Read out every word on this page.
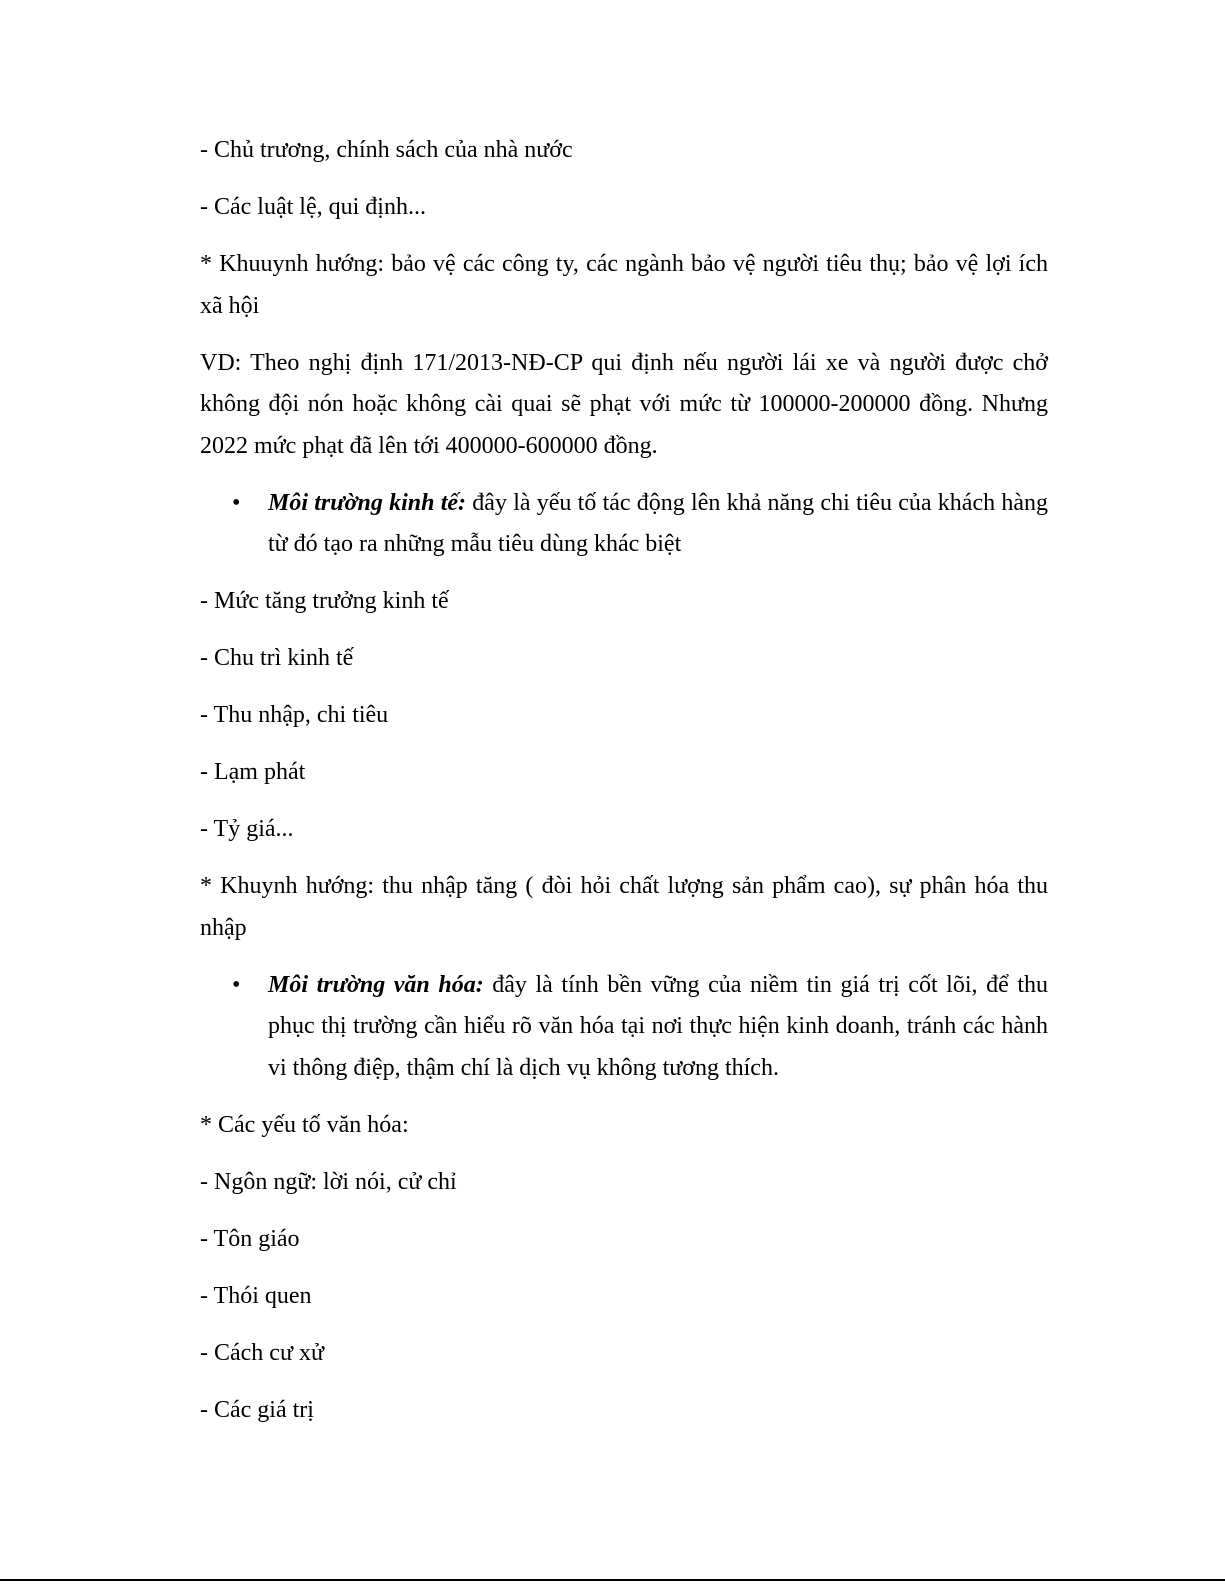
- Chủ trương, chính sách của nhà nước

- Các luật lệ, qui định...

* Khuuynh hướng: bảo vệ các công ty, các ngành bảo vệ người tiêu thụ; bảo vệ lợi ích xã hội

VD: Theo nghị định 171/2013-NĐ-CP qui định nếu người lái xe và người được chở không đội nón hoặc không cài quai sẽ phạt với mức từ 100000-200000 đồng. Nhưng 2022 mức phạt đã lên tới 400000-600000 đồng.

•	Môi trường kinh tế: đây là yếu tố tác động lên khả năng chi tiêu của khách hàng từ đó tạo ra những mẫu tiêu dùng khác biệt

- Mức tăng trưởng kinh tế

- Chu trì kinh tế

- Thu nhập, chi tiêu

- Lạm phát

- Tỷ giá...

* Khuynh hướng: thu nhập tăng ( đòi hỏi chất lượng sản phẩm cao), sự phân hóa thu nhập

•	Môi trường văn hóa: đây là tính bền vững của niềm tin giá trị cốt lõi, để thu phục thị trường cần hiểu rõ văn hóa tại nơi thực hiện kinh doanh, tránh các hành vi thông điệp, thậm chí là dịch vụ không tương thích.

* Các yếu tố văn hóa:

- Ngôn ngữ: lời nói, cử chỉ

- Tôn giáo

- Thói quen

- Cách cư xử

- Các giá trị
